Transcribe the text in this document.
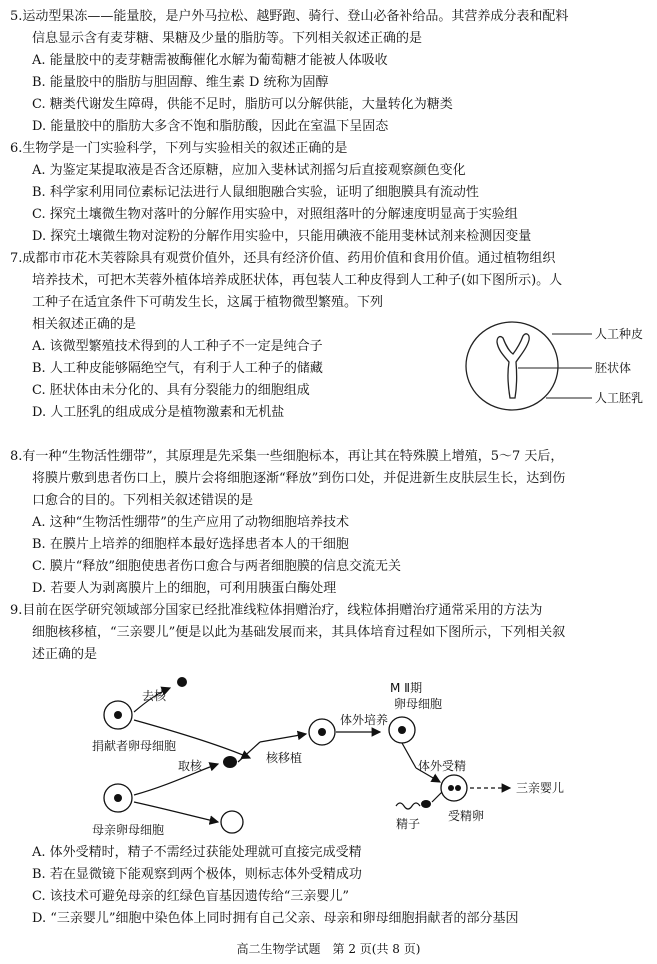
5.运动型果冻——能量胶，是户外马拉松、越野跑、骑行、登山必备补给品。其营养成分表和配料
信息显示含有麦芽糖、果糖及少量的脂肪等。下列相关叙述正确的是
A. 能量胶中的麦芽糖需被酶催化水解为葡萄糖才能被人体吸收
B. 能量胶中的脂肪与胆固醇、维生素 D 统称为固醇
C. 糖类代谢发生障碍，供能不足时，脂肪可以分解供能，大量转化为糖类
D. 能量胶中的脂肪大多含不饱和脂肪酸，因此在室温下呈固态
6.生物学是一门实验科学，下列与实验相关的叙述正确的是
A. 为鉴定某提取液是否含还原糖，应加入斐林试剂摇匀后直接观察颜色变化
B. 科学家利用同位素标记法进行人鼠细胞融合实验，证明了细胞膜具有流动性
C. 探究土壤微生物对落叶的分解作用实验中，对照组落叶的分解速度明显高于实验组
D. 探究土壤微生物对淀粉的分解作用实验中，只能用碘液不能用斐林试剂来检测因变量
7.成都市市花木芙蓉除具有观赏价值外，还具有经济价值、药用价值和食用价值。通过植物组织
培养技术，可把木芙蓉外植体培养成胚状体，再包装人工种皮得到人工种子(如下图所示)。人
工种子在适宜条件下可萌发生长，这属于植物微型繁殖。下列
相关叙述正确的是
A. 该微型繁殖技术得到的人工种子不一定是纯合子
B. 人工种皮能够隔绝空气，有利于人工种子的储藏
C. 胚状体由未分化的、具有分裂能力的细胞组成
D. 人工胚乳的组成成分是植物激素和无机盐
人工种皮
胚状体
人工胚乳
8.有一种“生物活性绷带”，其原理是先采集一些细胞标本，再让其在特殊膜上增殖，5～7 天后，
将膜片敷到患者伤口上，膜片会将细胞逐渐“释放”到伤口处，并促进新生皮肤层生长，达到伤
口愈合的目的。下列相关叙述错误的是
A. 这种“生物活性绷带”的生产应用了动物细胞培养技术
B. 在膜片上培养的细胞样本最好选择患者本人的干细胞
C. 膜片“释放”细胞使患者伤口愈合与两者细胞膜的信息交流无关
D. 若要人为剥离膜片上的细胞，可利用胰蛋白酶处理
9.目前在医学研究领域部分国家已经批准线粒体捐赠治疗，线粒体捐赠治疗通常采用的方法为
细胞核移植，“三亲婴儿”便是以此为基础发展而来，其具体培育过程如下图所示，下列相关叙
述正确的是
捐献者卵母细胞
去核
母亲卵母细胞
取核
核移植
体外培养
M Ⅱ期
卵母细胞
体外受精
精子
受精卵
三亲婴儿
A. 体外受精时，精子不需经过获能处理就可直接完成受精
B. 若在显微镜下能观察到两个极体，则标志体外受精成功
C. 该技术可避免母亲的红绿色盲基因遗传给“三亲婴儿”
D. “三亲婴儿”细胞中染色体上同时拥有自己父亲、母亲和卵母细胞捐献者的部分基因
高二生物学试题　第 2 页(共 8 页)
